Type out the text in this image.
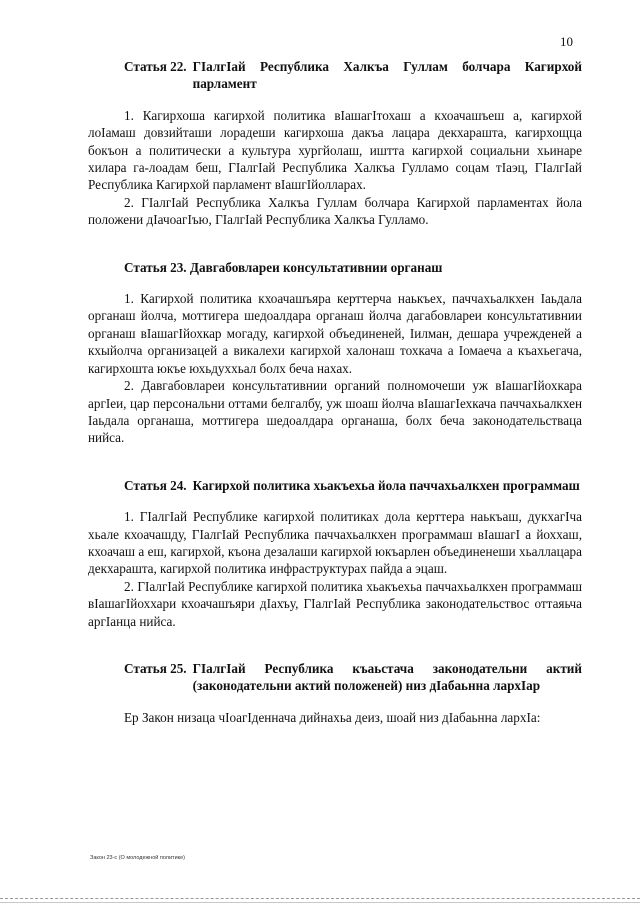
10
Статья 22. ГIалгIай Республика Халкъа Гуллам болчара Кагирхой парламент

1. Кагирхоша кагирхой политика вIашагIтохаш а кхоачашъеш а, кагирхой лоIамаш довзийташи лорадеши кагирхоша дакъа лацара декхараштa, кагирхощца бокъон а политически а культура хургйолаш, иштта кагирхой социальни хьинаре хилара га-лоадам беш, ГIалгIай Республика Халкъа Гулламо соцам тIаэц, ГIалгIай Республика Кагирхой парламент вIашгIйолларах.

2. ГIалгIай Республика Халкъа Гуллам болчара Кагирхой парламентах йола положени дIачоагIъю, ГIалгIай Республика Халкъа Гулламо.

Статья 23. Давгабовлареи консультативнии органаш

1. Кагирхой политика кхоачашъяра керттерча наькъех, паччахьалкхен Iаьдала органаш йолча, моттигера шедоалдара органаш йолча дагабовлареи консультативнии органаш вIашагIйохкар могаду, кагирхой объединеней, Iилман, дешара учрежденей а кхыйолча организацей а викалехи кагирхой халонаш тохкача а Iомаеча а къахьегача, кагирхошта юкъе юхьдуххьал болх беча нахах.

2. Давгабовлареи консультативнии органий полномочеши уж вIашагIйохкара аргIеи, цар персональни оттами белгалбу, уж шоаш йолча вIашагIехкача паччахьалкхен Iаьдала органаша, моттигера шедоалдара органаша, болх беча законодательстваца нийса.

Статья 24. Кагирхой политика хьакъехьа йола паччахьалкхен программаш

1. ГIалгIай Республике кагирхой политиках дола керттера наькъаш, дукхагIча хьале кхоачашду, ГIалгIай Республика паччахьалкхен программаш вIашагI а йоххаш, кхоачаш а еш, кагирхой, къона дезалаши кагирхой юкъарлен объединенеши хьаллацара декхараштa, кагирхой политика инфраструктурах пайда а эцаш.

2. ГIалгIай Республике кагирхой политика хьакъехьа паччахьалкхен программаш вIашагIйоххари кхоачашъяри дIахъу, ГIалгIай Республика законодательствос оттаяьча аргIанца нийса.

Статья 25. ГIалгIай Республика къаьстача законодательни актий (законодательни актий положеней) низ дIабаьнна лархIар

Ер Закон низаца чIоагIденнача дийнахьа деиз, шоай низ дIабаьнна лархIа:

Закон 23-с (О молодежной политике)
